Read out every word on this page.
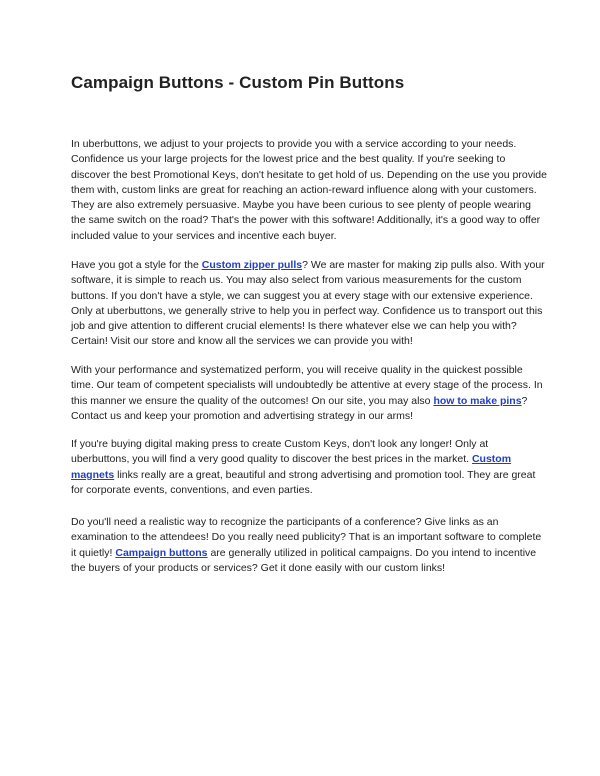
Campaign Buttons - Custom Pin Buttons

In uberbuttons, we adjust to your projects to provide you with a service according to your needs. Confidence us your large projects for the lowest price and the best quality. If you're seeking to discover the best Promotional Keys, don't hesitate to get hold of us. Depending on the use you provide them with, custom links are great for reaching an action-reward influence along with your customers. They are also extremely persuasive. Maybe you have been curious to see plenty of people wearing the same switch on the road? That's the power with this software! Additionally, it's a good way to offer included value to your services and incentive each buyer.

Have you got a style for the Custom zipper pulls? We are master for making zip pulls also. With your software, it is simple to reach us. You may also select from various measurements for the custom buttons. If you don't have a style, we can suggest you at every stage with our extensive experience. Only at uberbuttons, we generally strive to help you in perfect way. Confidence us to transport out this job and give attention to different crucial elements! Is there whatever else we can help you with? Certain! Visit our store and know all the services we can provide you with!

With your performance and systematized perform, you will receive quality in the quickest possible time. Our team of competent specialists will undoubtedly be attentive at every stage of the process. In this manner we ensure the quality of the outcomes! On our site, you may also how to make pins? Contact us and keep your promotion and advertising strategy in our arms!

If you're buying digital making press to create Custom Keys, don't look any longer! Only at uberbuttons, you will find a very good quality to discover the best prices in the market. Custom magnets links really are a great, beautiful and strong advertising and promotion tool. They are great for corporate events, conventions, and even parties.

Do you'll need a realistic way to recognize the participants of a conference? Give links as an examination to the attendees! Do you really need publicity? That is an important software to complete it quietly! Campaign buttons are generally utilized in political campaigns. Do you intend to incentive the buyers of your products or services? Get it done easily with our custom links!
